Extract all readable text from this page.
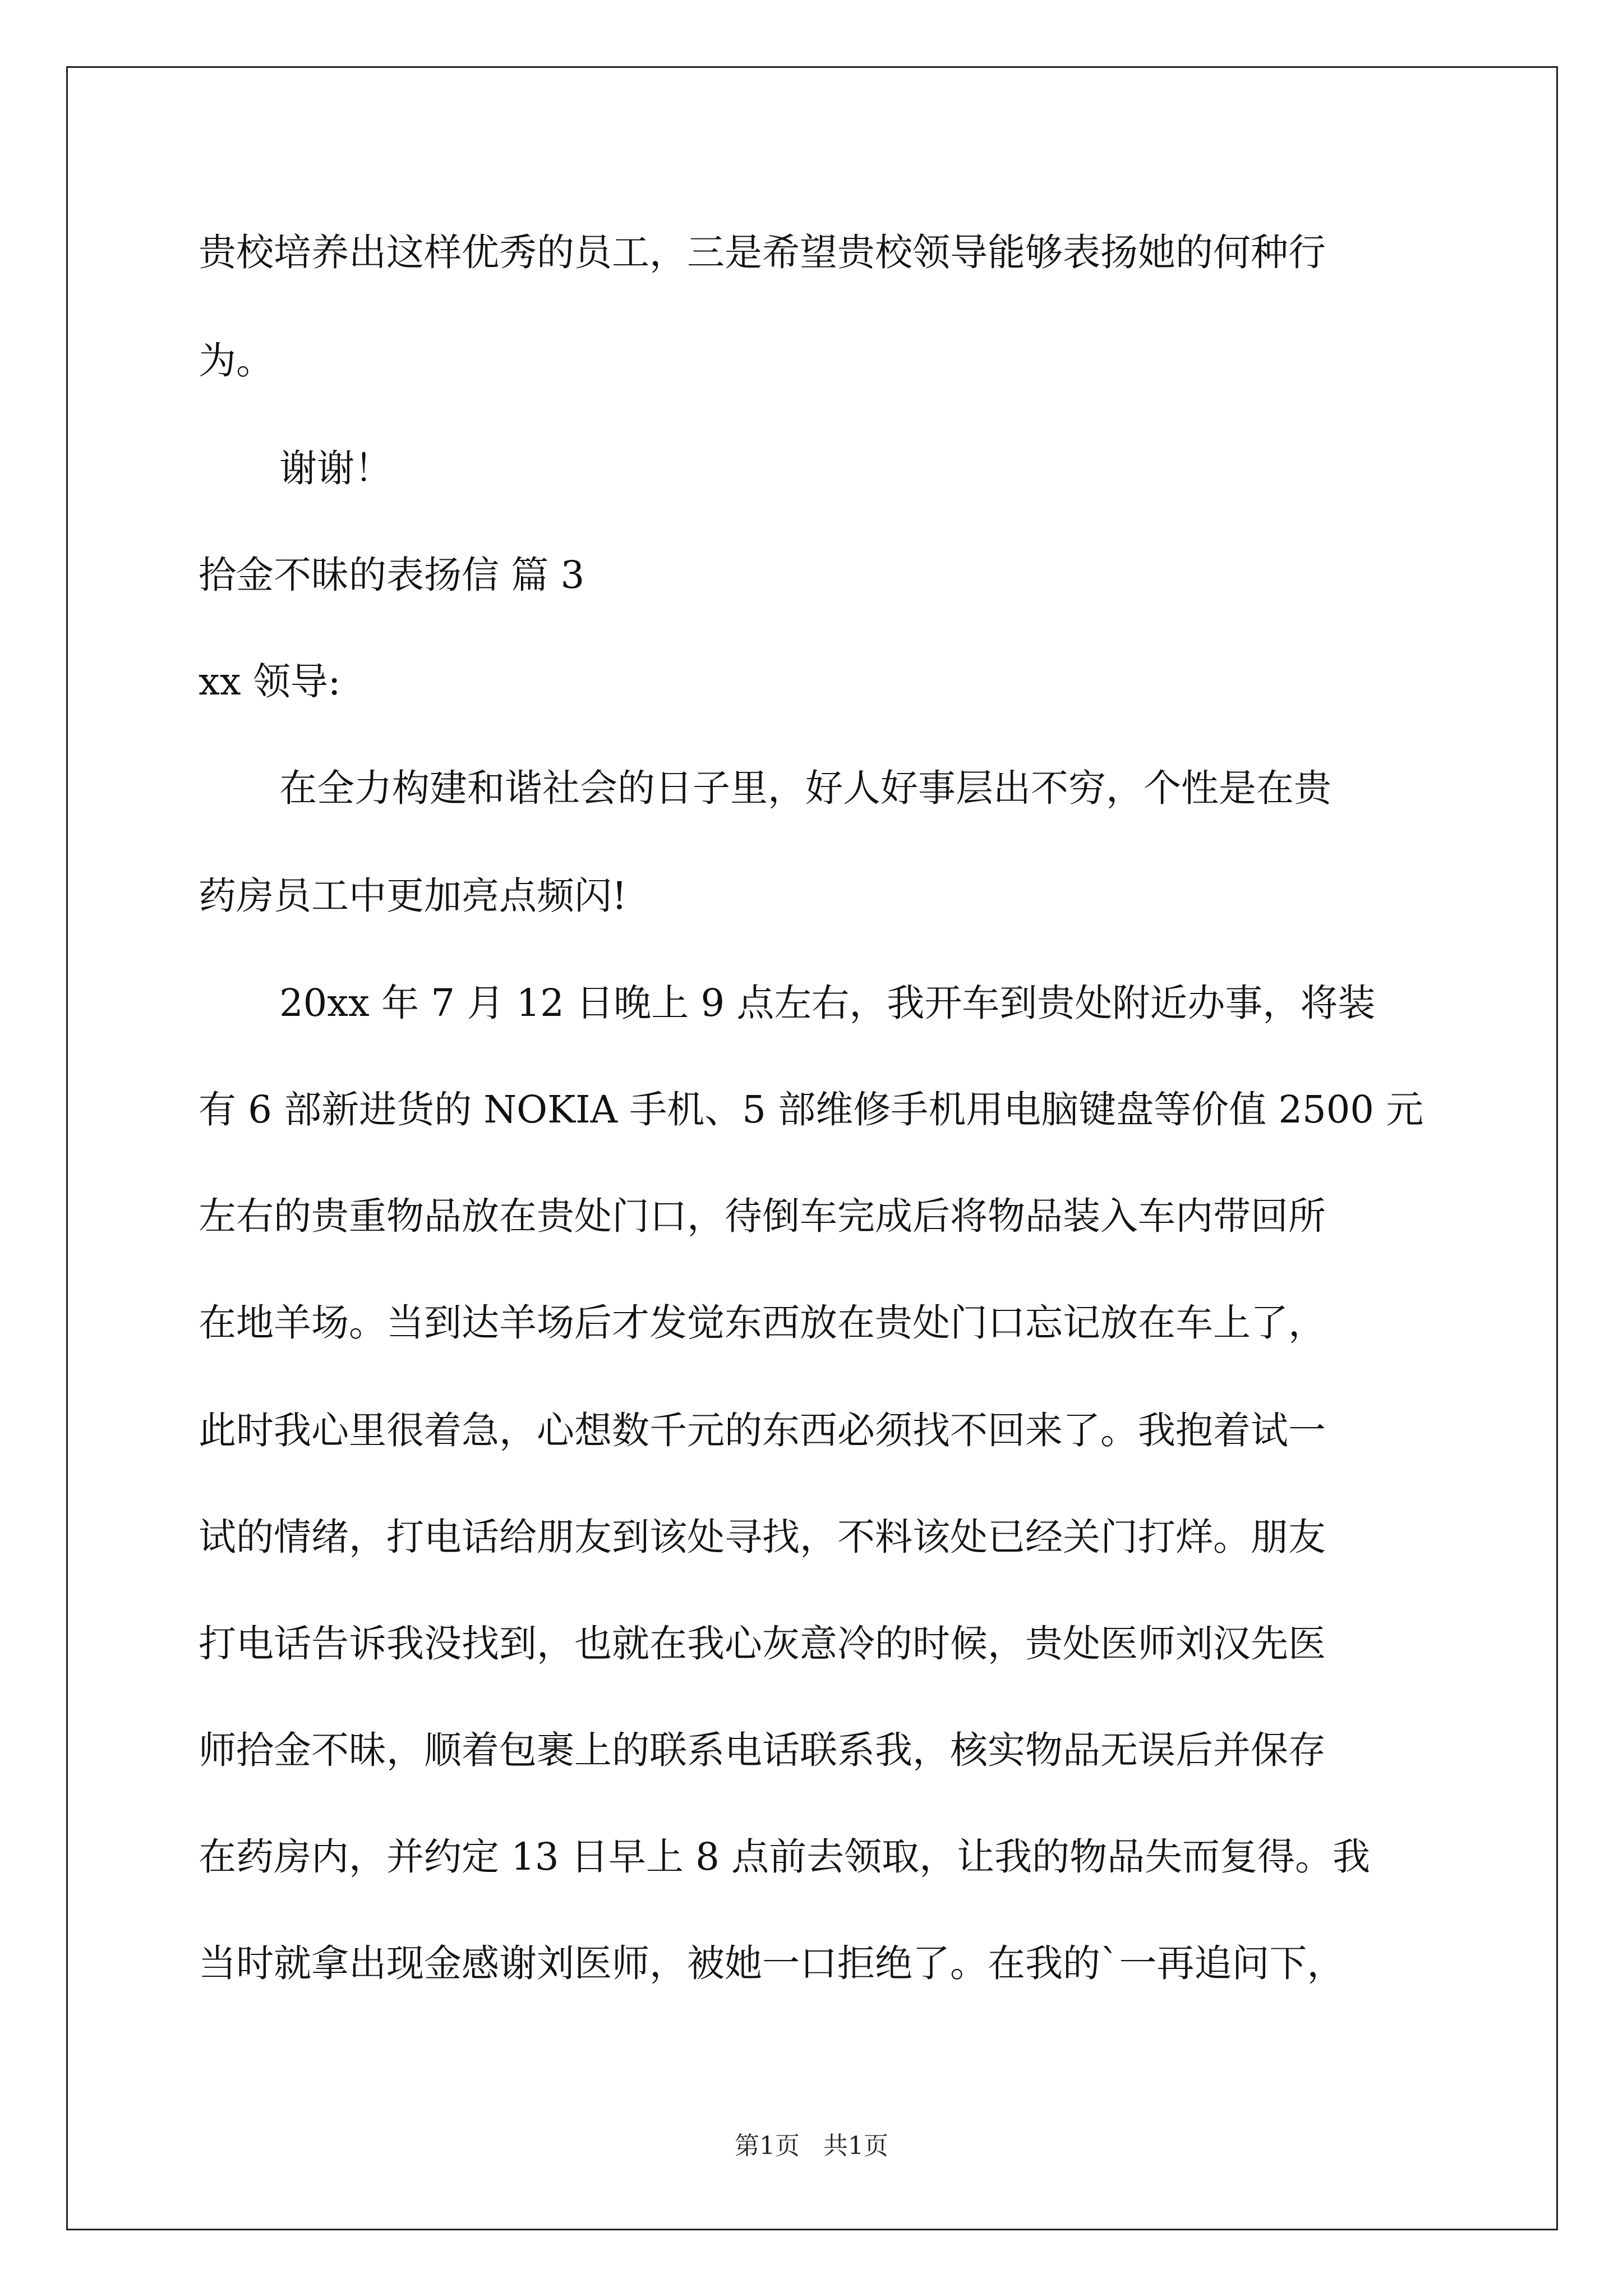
贵校培养出这样优秀的员工，三是希望贵校领导能够表扬她的何种行
为。
谢谢！
拾金不昧的表扬信 篇 3
xx 领导:
在全力构建和谐社会的日子里，好人好事层出不穷，个性是在贵
药房员工中更加亮点频闪!
20xx 年 7 月 12 日晚上 9 点左右，我开车到贵处附近办事，将装
有 6 部新进货的 NOKIA 手机、5 部维修手机用电脑键盘等价值 2500 元
左右的贵重物品放在贵处门口，待倒车完成后将物品装入车内带回所
在地羊场。当到达羊场后才发觉东西放在贵处门口忘记放在车上了，
此时我心里很着急，心想数千元的东西必须找不回来了。我抱着试一
试的情绪，打电话给朋友到该处寻找，不料该处已经关门打烊。朋友
打电话告诉我没找到，也就在我心灰意冷的时候，贵处医师刘汉先医
师拾金不昧，顺着包裹上的联系电话联系我，核实物品无误后并保存
在药房内，并约定 13 日早上 8 点前去领取，让我的物品失而复得。我
当时就拿出现金感谢刘医师，被她一口拒绝了。在我的`一再追问下，
第1页 共1页
